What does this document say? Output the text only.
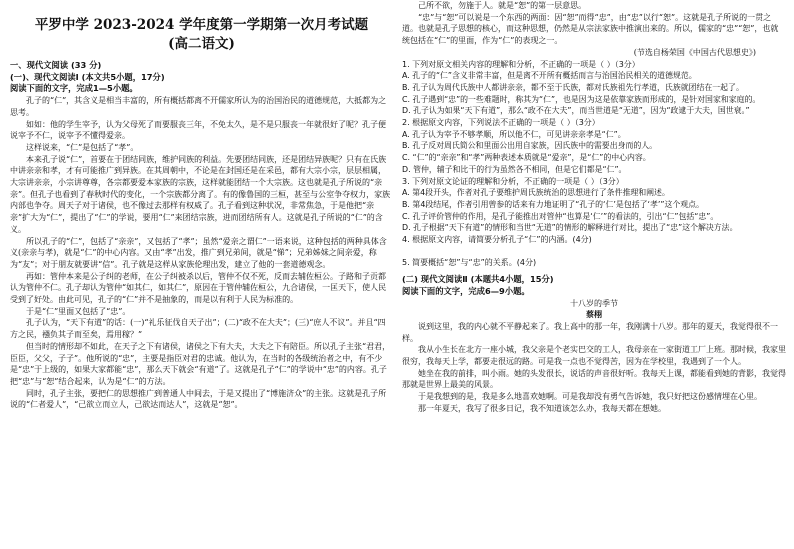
平罗中学 2023-2024 学年度第一学期第一次月考试题
(高二语文)
一、现代文阅读 (33 分)
(一)、现代文阅读Ⅰ (本文共5小题，17分)
阅读下面的文字，完成1—5小题。

孔子的“仁”，其含义是相当丰富的，所有概括都离不开儒家所认为的治国治民的道德规范，大抵都为之思考。

如如：他的学生宰予，认为父母死了而要服丧三年，不免太久，是不是只服丧一年就很好了呢？孔子便说宰予不仁，说宰予不懂得爱亲。

这样说来，“仁”是包括了“孝”。

本来孔子说“仁”，首要在于团结同族，维护同族的利益。先要团结同族，还是团结异族呢？只有在氏族中讲亲亲和孝，才有可能推广到异族。在其周朝中，不论是在封国还是在采邑，都有大宗小宗，层层相属，大宗讲亲亲，小宗讲尊尊，各宗都要爱本家族的宗族，这样就能团结一个大宗族。这也就是孔子所说的“亲亲”。但孔子也看到了春秋时代的变化，一个宗族都分离了。有的像鲁国的三桓，甚至与公室争夺权力，家族内部也争夺。周天子对于诸侯，也不像过去那样有权威了。孔子看到这种状况，非常焦急，于是他把“亲亲”扩大为“仁”，提出了“仁”的学说，要用“仁”来团结宗族，进而团结所有人。这就是孔子所说的“仁”的含义。

所以孔子的“仁”，包括了“亲亲”，又包括了“孝”；虽然“爱亲之谓仁”一语来说，这种包括的两种具体含义(亲亲与孝)，就是“仁”的中心内容。又由“孝”出发，推广到兄弟间，就是“悌”；兄弟姊妹之间亲爱，称为“友”；对于朋友就要讲“信”。孔子就是这样从家族伦理出发，建立了他的一套道德观念。

再如：管仲本来是公子纠的老师，在公子纠被杀以后，管仲不仅不死，反而去辅佐桓公。子路和子贡都认为管仲不仁。孔子却认为管仲“如其仁，如其仁”，原因在于管仲辅佐桓公，九合诸侯，一匡天下，使人民受到了好处。由此可见，孔子的“仁”并不是抽象的，而是以有利于人民为标准的。

于是“仁”里面又包括了“忠”。

孔子认为，“天下有道”的话：(一)“礼乐征伐自天子出”；(二)“政不在大夫”；(三)“庶人不议”。并且“四方之民，襁负其子而至矣，焉用稼？”

但当时的情形却不如此，在天子之下有诸侯，诸侯之下有大夫，大夫之下有陪臣。所以孔子主张“君君，臣臣，父父，子子”。他所说的“忠”，主要是指臣对君的忠诚。他认为，在当时的各级统治者之中，有不少是“忠”于上级的，如果大家都能“忠”，那么天下就会“有道”了。这就是孔子“仁”的学说中“忠”的内容。孔子把“忠”与“恕”结合起来，认为是“仁”的方法。

同时，孔子主张，要把仁的思想推广到普通人中间去，于是又提出了“博施济众”的主张。这就是孔子所说的“仁者爱人”，“己欲立而立人，己欲达而达人”，这就是“恕”。

己所不欲，勿施于人。就是“恕”的第一层意思。

“忠”与“恕”可以说是一个东西的两面：因“恕”而得“忠”，由“忠”以行“恕”。这就是孔子所说的一贯之道。也就是孔子思想的核心，而这种思想，仍然是从宗法家族中推演出来的。所以，儒家的“忠”“恕”，也就统包括在“仁”的里面，作为“仁”的表现之一。

(节选自杨荣国《中国古代思想史》)
1. 下列对原文相关内容的理解和分析，不正确的一项是（ ）（3分）
A. 孔子的“仁”含义非常丰富，但是离不开所有概括而言与治国治民相关的道德规范。
B. 孔子认为周代氏族中人都讲亲亲，都不至于氏族，都对氏族祖先行孝道，氏族就团结在一起了。
C. 孔子遇到“忠”的一些难题时，称其为“仁”，也是因为这是依靠家族而形成的，是针对国家和家庭的。
D. 孔子认为如果“天下有道”，那么“政不在大夫”，而当世道是“无道”，因为“政逮于大夫，国世衰。”
2. 根据原文内容，下列说法不正确的一项是（ ）（3分）
A. 孔子认为宰予不够孝顺，所以他不仁，可见讲亲亲孝是“仁”。
B. 孔子反对周氏简公和里面公出用自家族，因氏族中的需要出身而的人。
C. “仁”的“亲亲”和“孝”两种表述本质就是“爱亲”，是“仁”的中心内容。
D. 管仲，辅子和比干的行为虽然各不相同，但是它们都是“仁”。
3. 下列对原文论证的理解和分析，不正确的一项是（ ）（3分）
A. 第4段开头，作者对孔子要维护周氏族统治的思想进行了条件推理和阐述。
B. 第4段结尾，作者引用曾参的话来有力地证明了“孔子的‘仁’是包括了‘孝’”这个观点。
C. 孔子评价管仲的作用，是孔子能推出对管仲“也算是‘仁’”的看法的，引出“仁”包括“忠”。
D. 孔子根据“天下有道”的情形和当世“无道”的情形的解释进行对比，提出了“忠”这个解决方法。
4. 根据原文内容，请简要分析孔子“仁”的内涵。(4分)
5. 简要概括“恕”与“忠”的关系。(4分)
(二) 现代文阅读Ⅱ (本题共4小题，15分)
阅读下面的文字，完成6—9小题。
十八岁的季节
蔡栩

说到这里，我的内心就不平静起来了。我上高中的那一年，我刚满十八岁。那年的夏天，我觉得很不一样。

我从小生长在北方一座小城，我父亲是个老实巴交的工人，我母亲在一家街道工厂上班。那时候，我家里很穷，我每天上学，都要走很远的路。可是我一点也不觉得苦，因为在学校里，我遇到了一个人。

她坐在我的前排，叫小雨。她的头发很长，说话的声音很好听。我每天上课，都能看到她的背影，我觉得那就是世界上最美的风景。

于是我想到的是，我是多么地喜欢她啊。可是我却没有勇气告诉她，我只好把这份感情埋在心里。

那一年夏天，我写了很多日记，我不知道该怎么办，我每天都在想她。
